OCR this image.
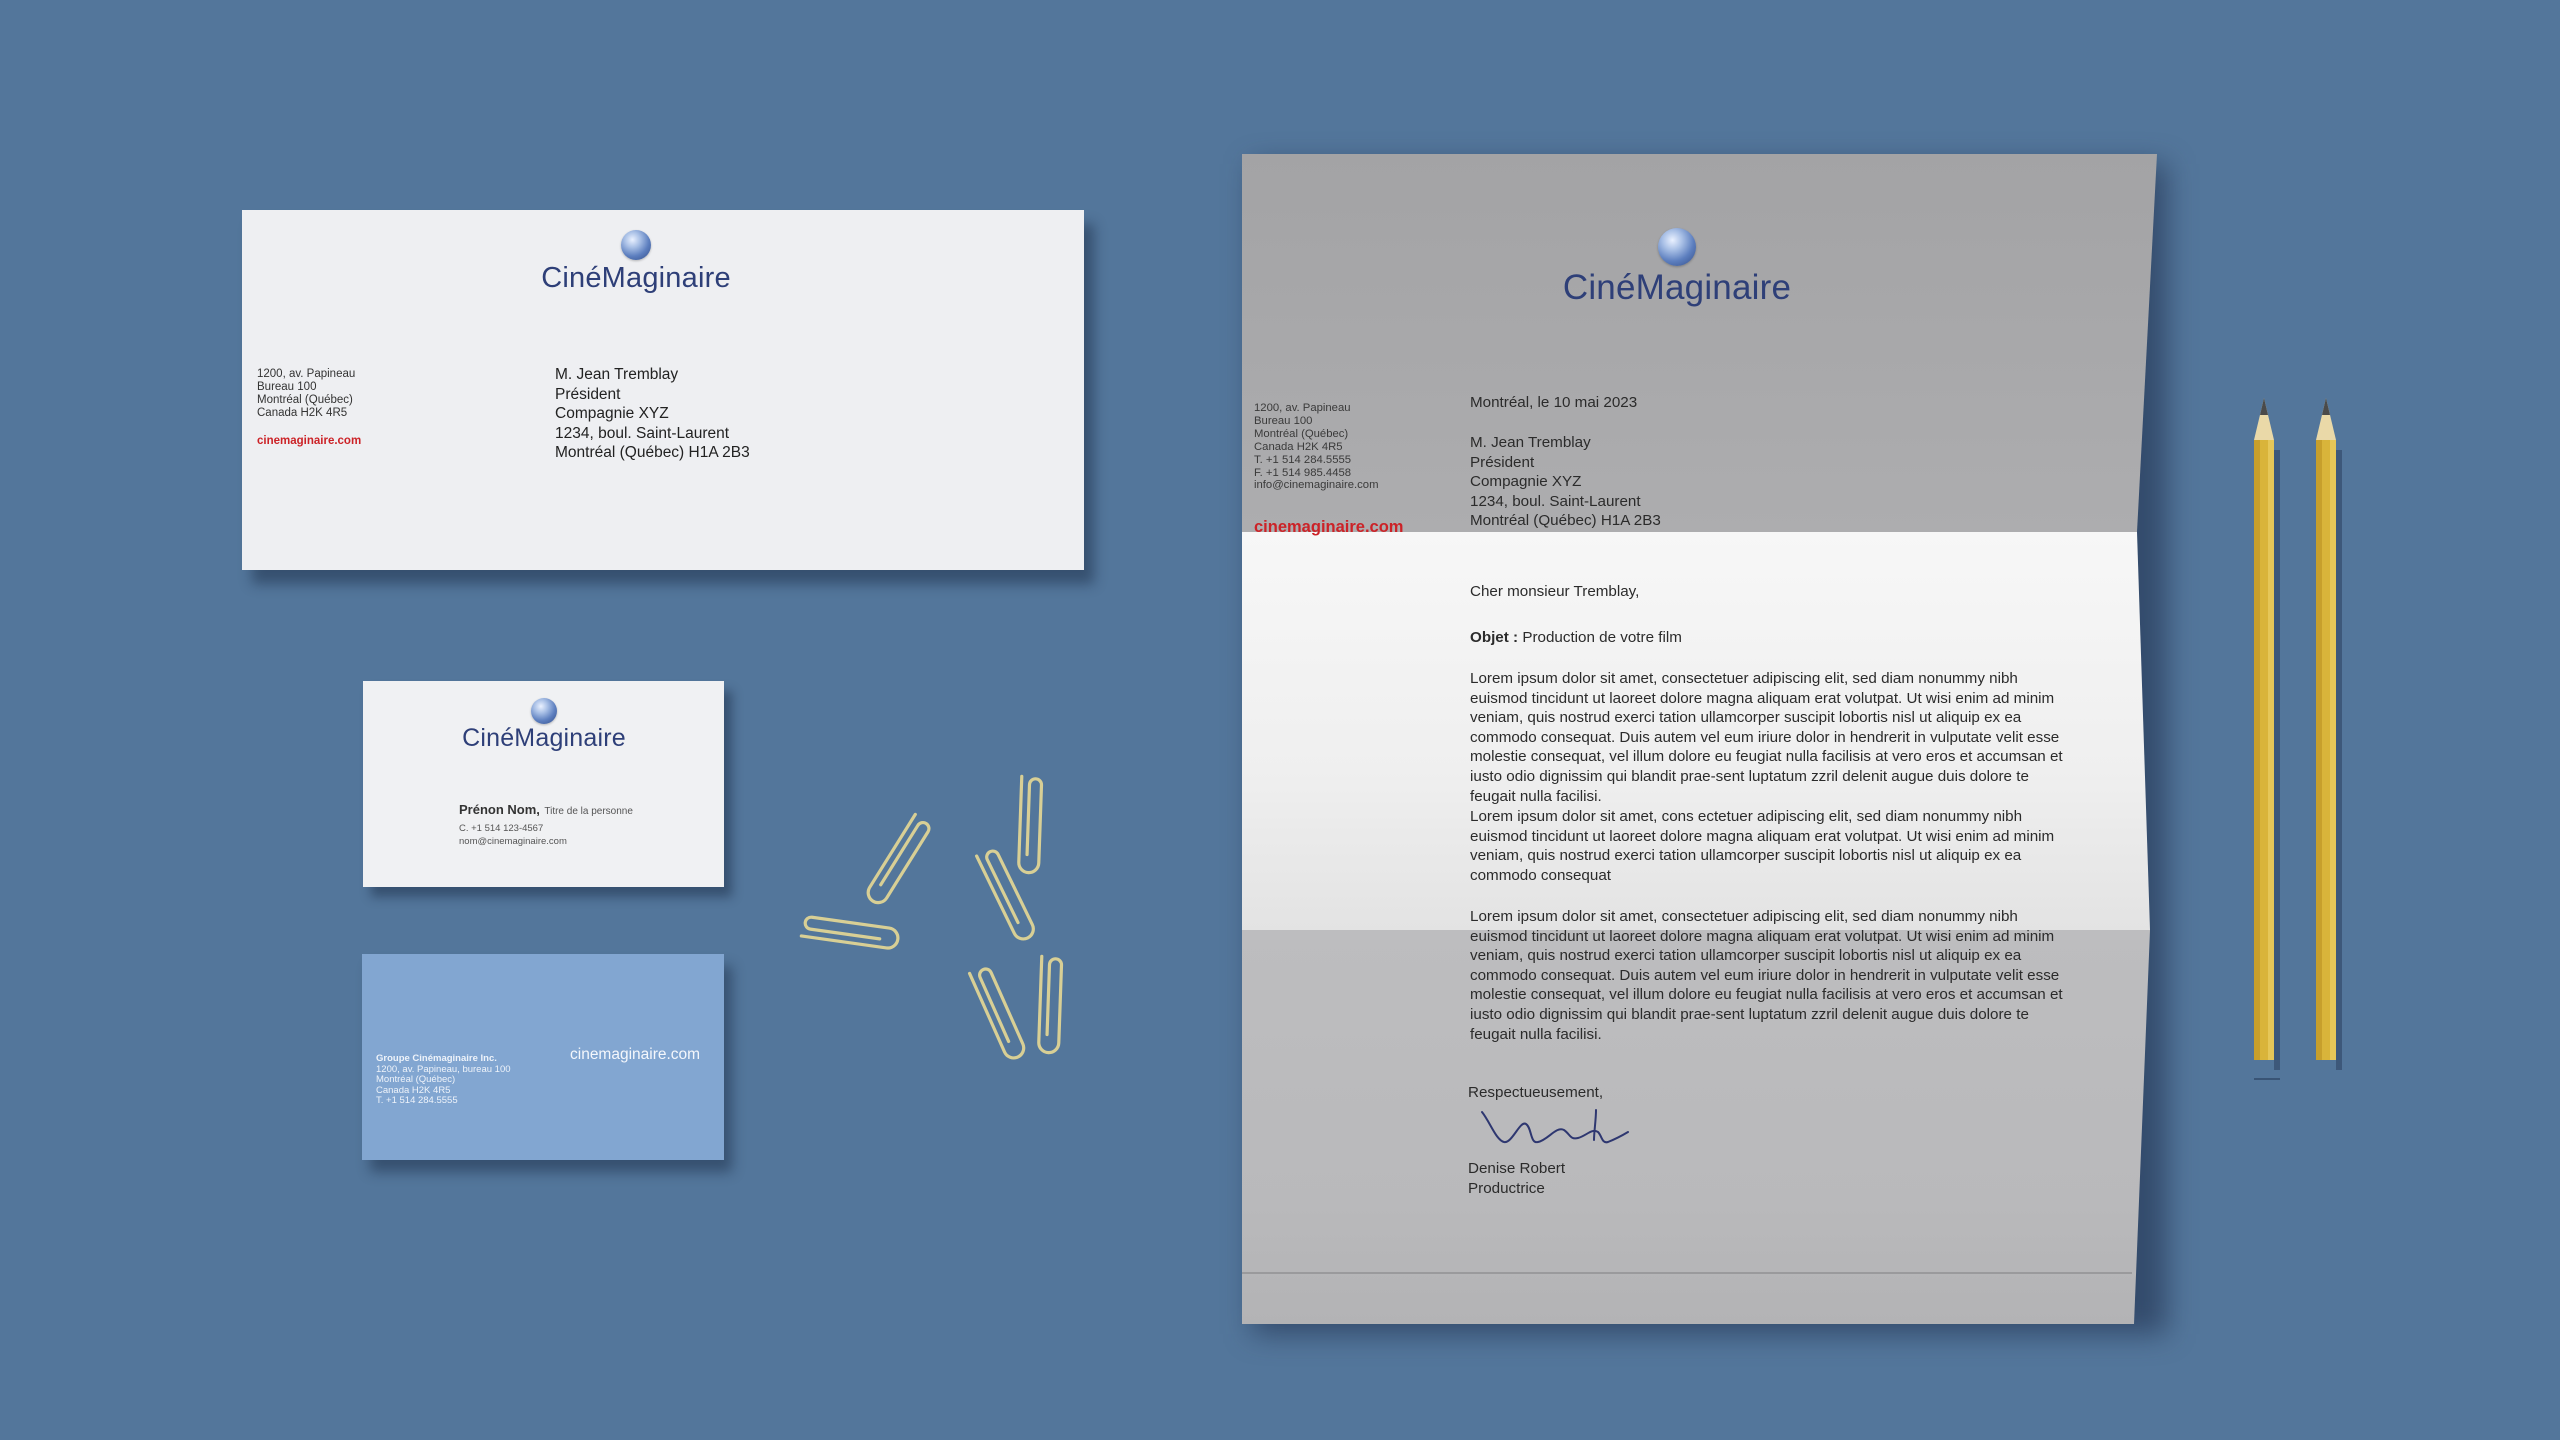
CinéMaginaire
1200, av. Papineau
Bureau 100
Montréal (Québec)
Canada H2K 4R5
cinemaginaire.com
M. Jean Tremblay
Président
Compagnie XYZ
1234, boul. Saint-Laurent
Montréal (Québec) H1A 2B3
CinéMaginaire
Prénon Nom, Titre de la personne
C. +1 514 123-4567
nom@cinemaginaire.com
Groupe Cinémaginaire Inc.
1200, av. Papineau, bureau 100
Montréal (Québec)
Canada H2K 4R5
T. +1 514 284.5555
cinemaginaire.com
CinéMaginaire
1200, av. Papineau
Bureau 100
Montréal (Québec)
Canada H2K 4R5
T. +1 514 284.5555
F. +1 514 985.4458
info@cinemaginaire.com
cinemaginaire.com
Montréal, le 10 mai 2023
M. Jean Tremblay
Président
Compagnie XYZ
1234, boul. Saint-Laurent
Montréal (Québec) H1A 2B3
Cher monsieur Tremblay,
Objet : Production de votre film
Lorem ipsum dolor sit amet, consectetuer adipiscing elit, sed diam nonummy nibh euismod tincidunt ut laoreet dolore magna aliquam erat volutpat. Ut wisi enim ad minim veniam, quis nostrud exerci tation ullamcorper suscipit lobortis nisl ut aliquip ex ea commodo consequat. Duis autem vel eum iriure dolor in hendrerit in vulputate velit esse molestie consequat, vel illum dolore eu feugiat nulla facilisis at vero eros et accumsan et iusto odio dignissim qui blandit prae-sent luptatum zzril delenit augue duis dolore te feugait nulla facilisi.
Lorem ipsum dolor sit amet, cons ectetuer adipiscing elit, sed diam nonummy nibh euismod tincidunt ut laoreet dolore magna aliquam erat volutpat. Ut wisi enim ad minim veniam, quis nostrud exerci tation ullamcorper suscipit lobortis nisl ut aliquip ex ea commodo consequat
Lorem ipsum dolor sit amet, consectetuer adipiscing elit, sed diam nonummy nibh euismod tincidunt ut laoreet dolore magna aliquam erat volutpat. Ut wisi enim ad minim veniam, quis nostrud exerci tation ullamcorper suscipit lobortis nisl ut aliquip ex ea commodo consequat. Duis autem vel eum iriure dolor in hendrerit in vulputate velit esse molestie consequat, vel illum dolore eu feugiat nulla facilisis at vero eros et accumsan et iusto odio dignissim qui blandit prae-sent luptatum zzril delenit augue duis dolore te feugait nulla facilisi.
Respectueusement,
Denise Robert
Productrice
